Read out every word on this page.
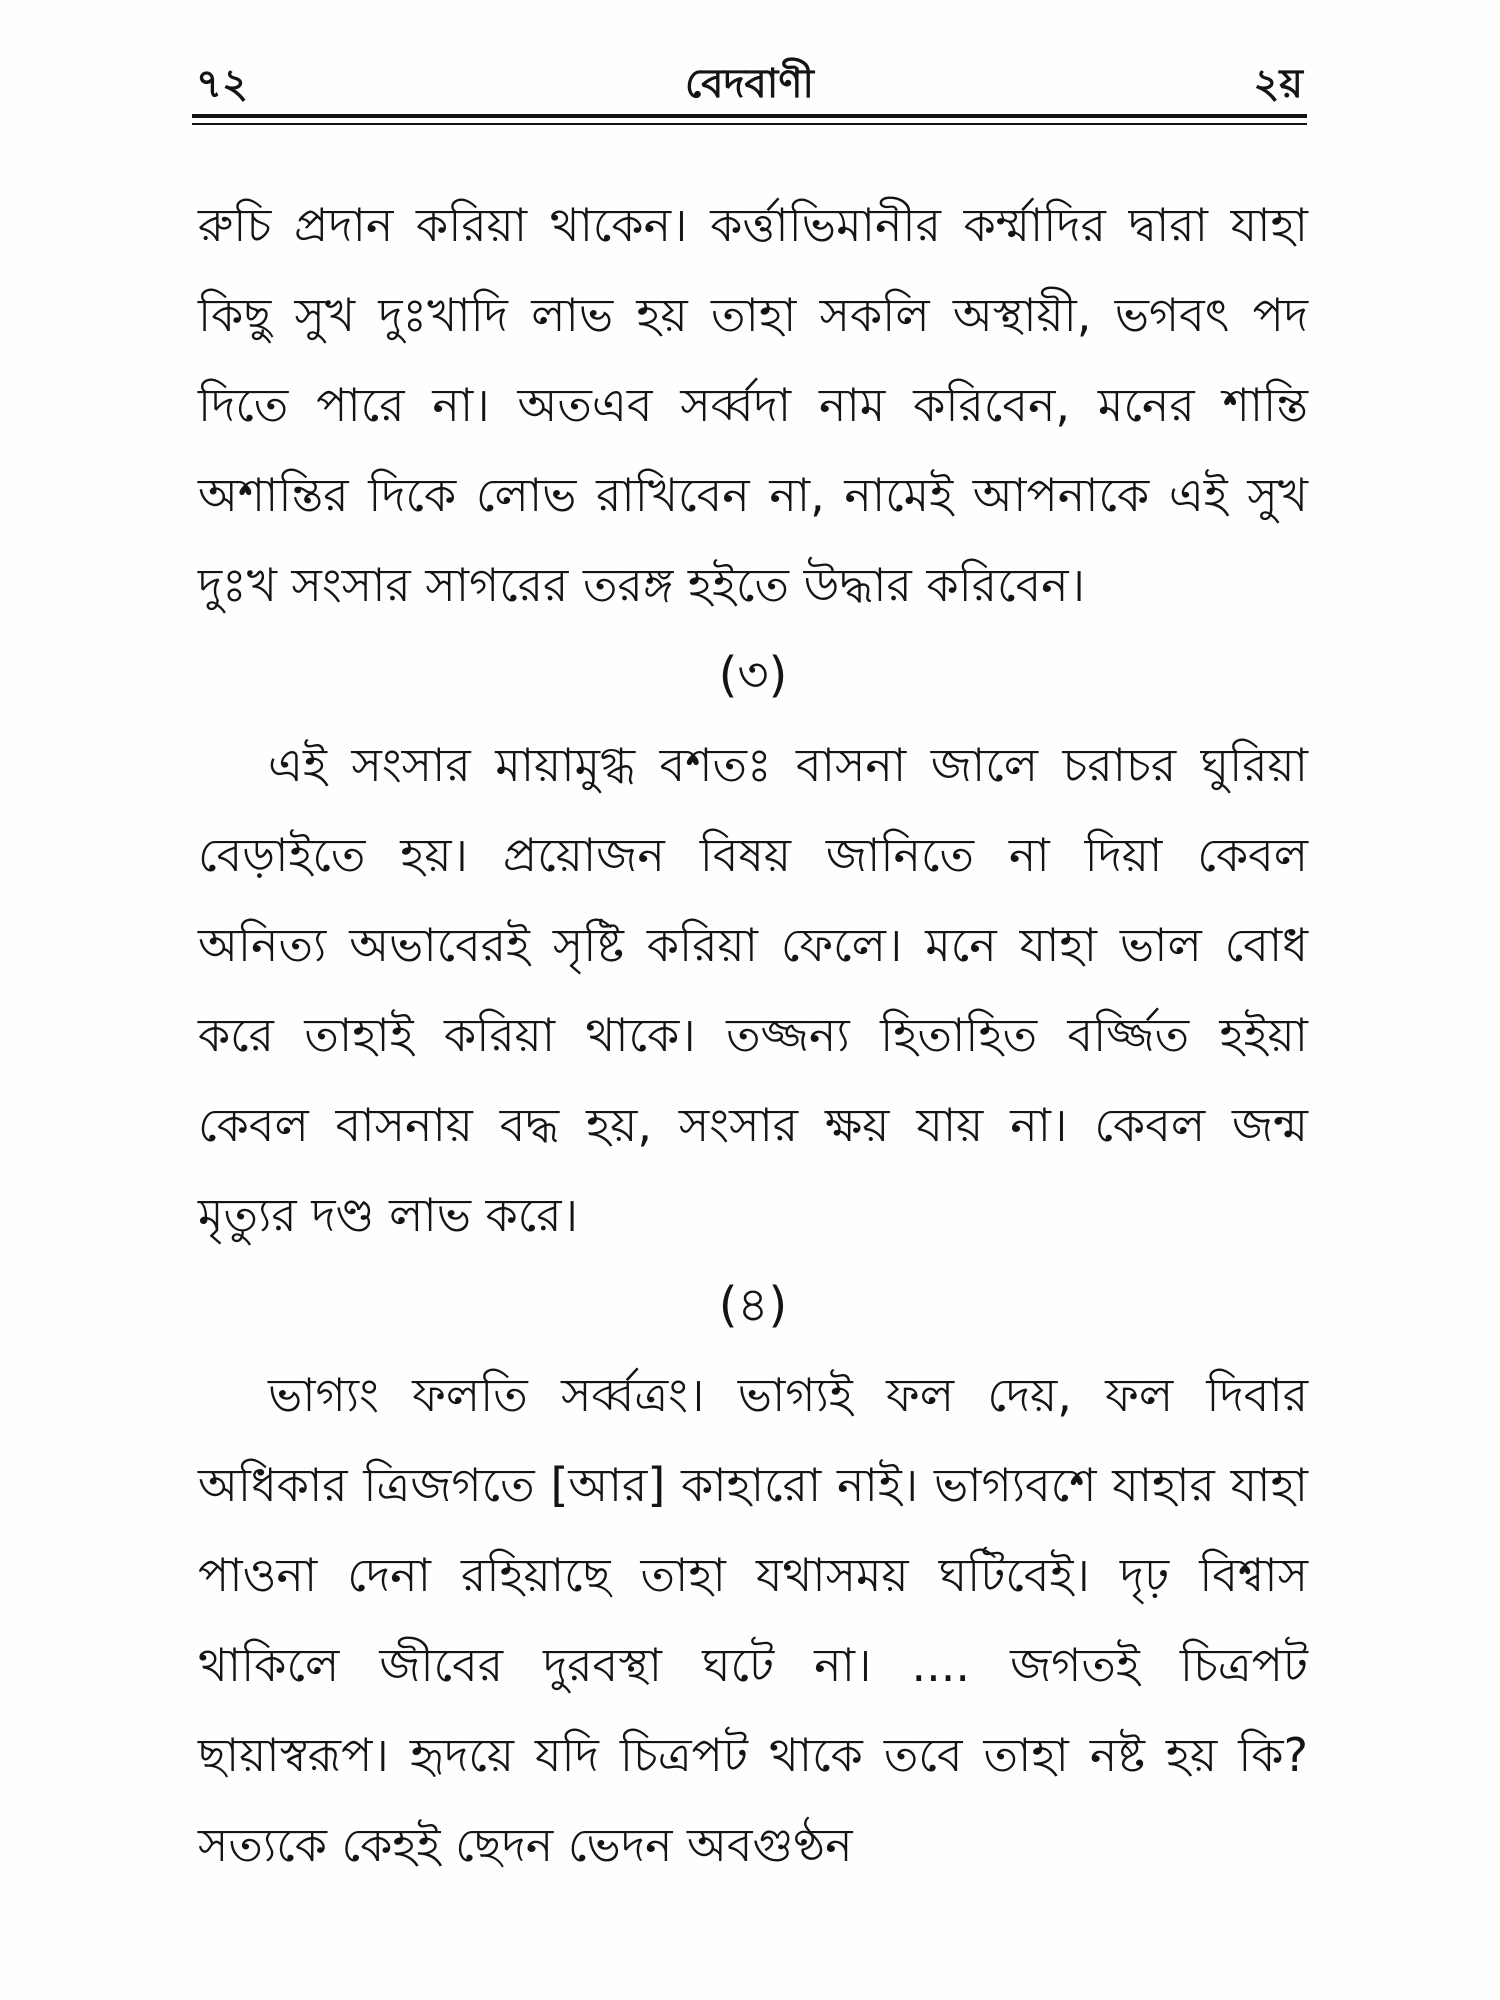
৭২	বেদবাণী	২য়

রুচি প্রদান করিয়া থাকেন। কর্ত্তাভিমানীর কর্ম্মাদির দ্বারা যাহা কিছু সুখ দুঃখাদি লাভ হয় তাহা সকলি অস্থায়ী, ভগবৎ পদ দিতে পারে না। অতএব সর্ব্বদা নাম করিবেন, মনের শান্তি অশান্তির দিকে লোভ রাখিবেন না, নামেই আপনাকে এই সুখ দুঃখ সংসার সাগরের তরঙ্গ হইতে উদ্ধার করিবেন।

(৩)

এই সংসার মায়ামুগ্ধ বশতঃ বাসনা জালে চরাচর ঘুরিয়া বেড়াইতে হয়। প্রয়োজন বিষয় জানিতে না দিয়া কেবল অনিত্য অভাবেরই সৃষ্টি করিয়া ফেলে। মনে যাহা ভাল বোধ করে তাহাই করিয়া থাকে। তজ্জন্য হিতাহিত বর্জ্জিত হইয়া কেবল বাসনায় বদ্ধ হয়, সংসার ক্ষয় যায় না। কেবল জন্ম মৃত্যুর দণ্ড লাভ করে।

(৪)

ভাগ্যং ফলতি সর্ব্বত্রং। ভাগ্যই ফল দেয়, ফল দিবার অধিকার ত্রিজগতে [আর] কাহারো নাই। ভাগ্যবশে যাহার যাহা পাওনা দেনা রহিয়াছে তাহা যথাসময় ঘটিবেই। দৃঢ় বিশ্বাস থাকিলে জীবের দুরবস্থা ঘটে না। .... জগতই চিত্রপট ছায়াস্বরূপ। হৃদয়ে যদি চিত্রপট থাকে তবে তাহা নষ্ট হয় কি? সত্যকে কেহই ছেদন ভেদন অবগুণ্ঠন
